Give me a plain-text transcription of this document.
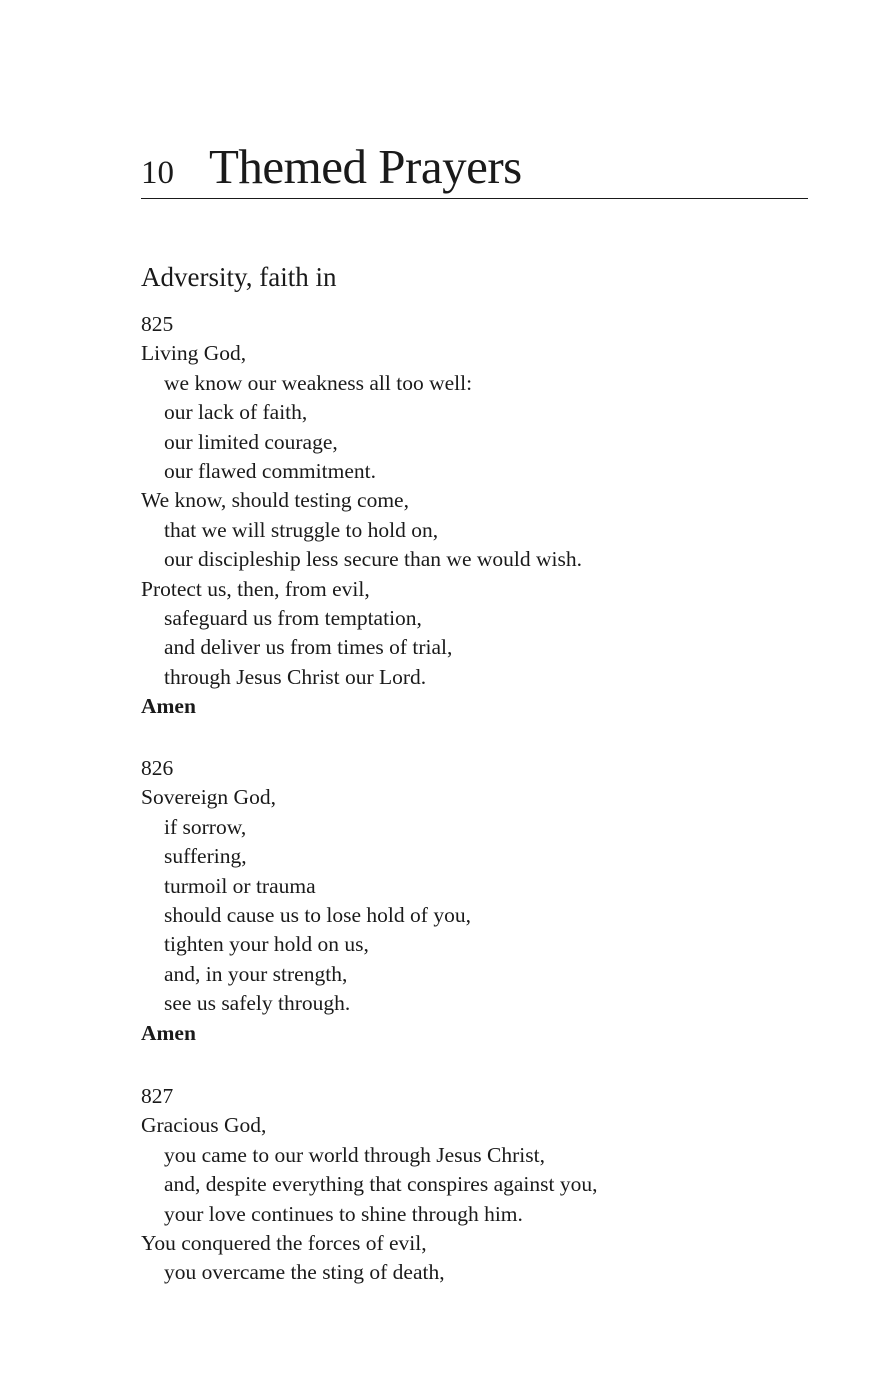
10 Themed Prayers
Adversity, faith in
825
Living God,
we know our weakness all too well:
our lack of faith,
our limited courage,
our flawed commitment.
We know, should testing come,
that we will struggle to hold on,
our discipleship less secure than we would wish.
Protect us, then, from evil,
safeguard us from temptation,
and deliver us from times of trial,
through Jesus Christ our Lord.
Amen
826
Sovereign God,
if sorrow,
suffering,
turmoil or trauma
should cause us to lose hold of you,
tighten your hold on us,
and, in your strength,
see us safely through.
Amen
827
Gracious God,
you came to our world through Jesus Christ,
and, despite everything that conspires against you,
your love continues to shine through him.
You conquered the forces of evil,
you overcame the sting of death,
